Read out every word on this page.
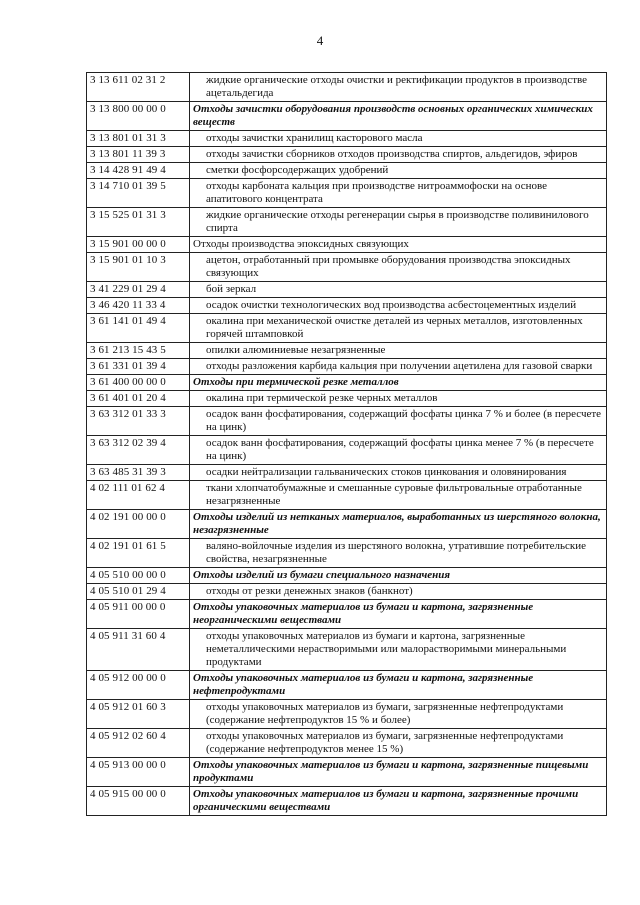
4
3 13 611 02 31 2	жидкие органические отходы очистки и ректификации продуктов в производстве ацетальдегида
3 13 800 00 00 0	Отходы зачистки оборудования производств основных органических химических веществ
3 13 801 01 31 3	отходы зачистки хранилищ касторового масла
3 13 801 11 39 3	отходы зачистки сборников отходов производства спиртов, альдегидов, эфиров
3 14 428 91 49 4	сметки фосфорсодержащих удобрений
3 14 710 01 39 5	отходы карбоната кальция при производстве нитроаммофоски на основе апатитового концентрата
3 15 525 01 31 3	жидкие органические отходы регенерации сырья в производстве поливинилового спирта
3 15 901 00 00 0	Отходы производства эпоксидных связующих
3 15 901 01 10 3	ацетон, отработанный при промывке оборудования производства эпоксидных связующих
3 41 229 01 29 4	бой зеркал
3 46 420 11 33 4	осадок очистки технологических вод производства асбестоцементных изделий
3 61 141 01 49 4	окалина при механической очистке деталей из черных металлов, изготовленных горячей штамповкой
3 61 213 15 43 5	опилки алюминиевые незагрязненные
3 61 331 01 39 4	отходы разложения карбида кальция при получении ацетилена для газовой сварки
3 61 400 00 00 0	Отходы при термической резке металлов
3 61 401 01 20 4	окалина при термической резке черных металлов
3 63 312 01 33 3	осадок ванн фосфатирования, содержащий фосфаты цинка 7 % и более (в пересчете на цинк)
3 63 312 02 39 4	осадок ванн фосфатирования, содержащий фосфаты цинка менее 7 % (в пересчете на цинк)
3 63 485 31 39 3	осадки нейтрализации гальванических стоков цинкования и оловянирования
4 02 111 01 62 4	ткани хлопчатобумажные и смешанные суровые фильтровальные отработанные незагрязненные
4 02 191 00 00 0	Отходы изделий из нетканых материалов, выработанных из шерстяного волокна, незагрязненные
4 02 191 01 61 5	валяно-войлочные изделия из шерстяного волокна, утратившие потребительские свойства, незагрязненные
4 05 510 00 00 0	Отходы изделий из бумаги специального назначения
4 05 510 01 29 4	отходы от резки денежных знаков (банкнот)
4 05 911 00 00 0	Отходы упаковочных материалов из бумаги и картона, загрязненные неорганическими веществами
4 05 911 31 60 4	отходы упаковочных материалов из бумаги и картона, загрязненные неметаллическими нерастворимыми или малорастворимыми минеральными продуктами
4 05 912 00 00 0	Отходы упаковочных материалов из бумаги и картона, загрязненные нефтепродуктами
4 05 912 01 60 3	отходы упаковочных материалов из бумаги, загрязненные нефтепродуктами (содержание нефтепродуктов 15 % и более)
4 05 912 02 60 4	отходы упаковочных материалов из бумаги, загрязненные нефтепродуктами (содержание нефтепродуктов менее 15 %)
4 05 913 00 00 0	Отходы упаковочных материалов из бумаги и картона, загрязненные пищевыми продуктами
4 05 915 00 00 0	Отходы упаковочных материалов из бумаги и картона, загрязненные прочими органическими веществами
